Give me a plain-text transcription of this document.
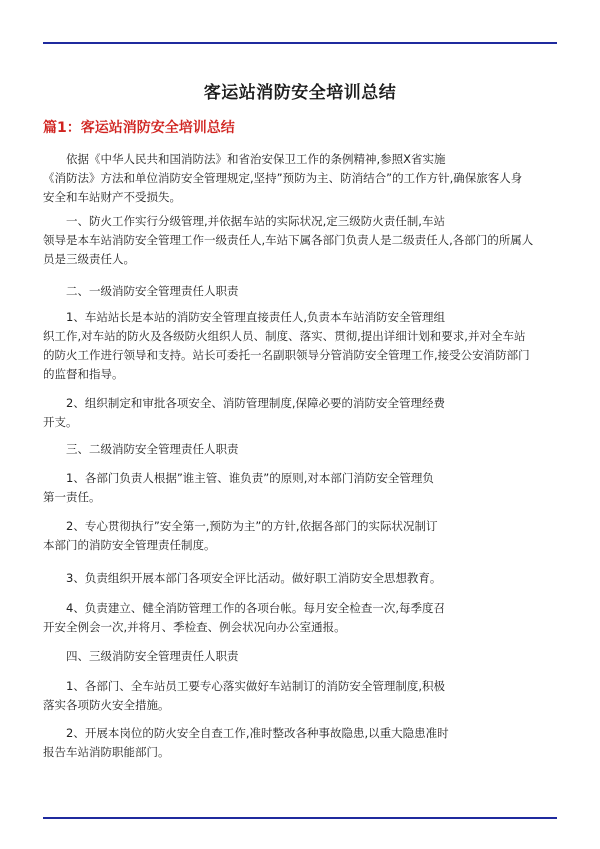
客运站消防安全培训总结
篇1：客运站消防安全培训总结
依据《中华人民共和国消防法》和省治安保卫工作的条例精神,参照X省实施
《消防法》方法和单位消防安全管理规定,坚持”预防为主、防消结合”的工作方针,确保旅客人身
安全和车站财产不受损失。
一、防火工作实行分级管理,并依据车站的实际状况,定三级防火责任制,车站
领导是本车站消防安全管理工作一级责任人,车站下属各部门负责人是二级责任人,各部门的所属人
员是三级责任人。
二、一级消防安全管理责任人职责
1、车站站长是本站的消防安全管理直接责任人,负责本车站消防安全管理组
织工作,对车站的防火及各级防火组织人员、制度、落实、贯彻,提出详细计划和要求,并对全车站
的防火工作进行领导和支持。站长可委托一名副职领导分管消防安全管理工作,接受公安消防部门
的监督和指导。
2、组织制定和审批各项安全、消防管理制度,保障必要的消防安全管理经费
开支。
三、二级消防安全管理责任人职责
1、各部门负责人根据”谁主管、谁负责”的原则,对本部门消防安全管理负
第一责任。
2、专心贯彻执行”安全第一,预防为主”的方针,依据各部门的实际状况制订
本部门的消防安全管理责任制度。
3、负责组织开展本部门各项安全评比活动。做好职工消防安全思想教育。
4、负责建立、健全消防管理工作的各项台帐。每月安全检查一次,每季度召
开安全例会一次,并将月、季检查、例会状况向办公室通报。
四、三级消防安全管理责任人职责
1、各部门、全车站员工要专心落实做好车站制订的消防安全管理制度,积极
落实各项防火安全措施。
2、开展本岗位的防火安全自查工作,准时整改各种事故隐患,以重大隐患准时
报告车站消防职能部门。
